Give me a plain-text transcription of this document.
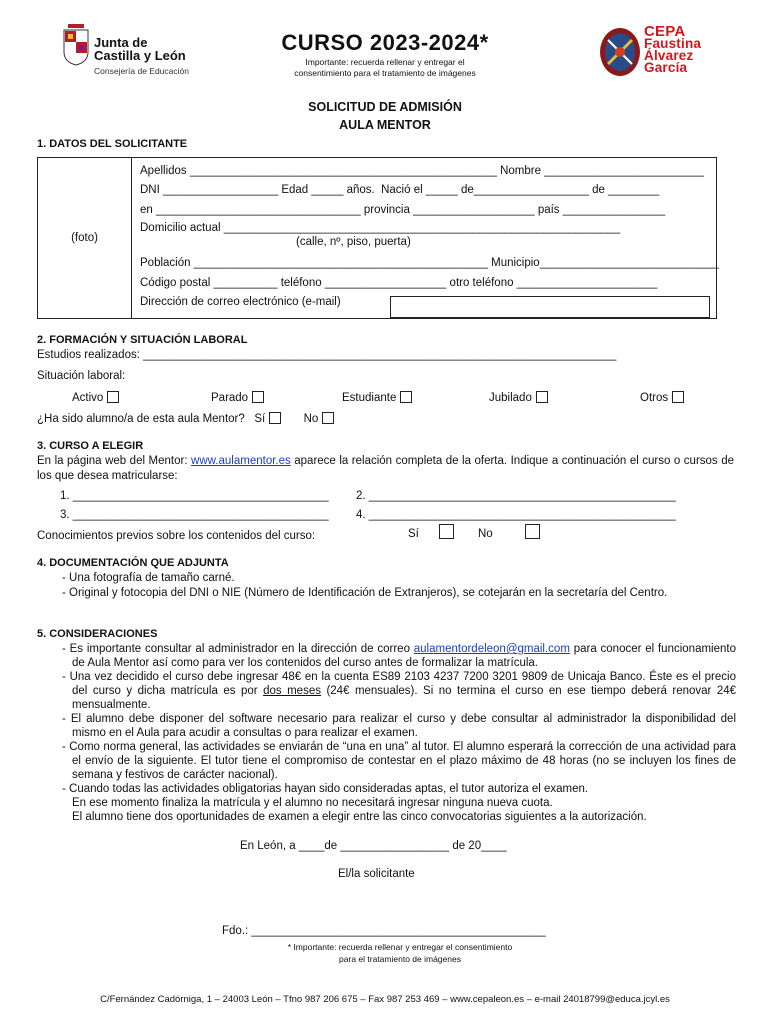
Junta de
Castilla y León
Consejería de Educación
CURSO 2023-2024*
Importante: recuerda rellenar y entregar el
consentimiento para el tratamiento de imágenes
CEPA
Faustina
Álvarez
García
SOLICITUD DE ADMISIÓN
AULA MENTOR
1. DATOS DEL SOLICITANTE
(foto)
Apellidos ________________________________________________ Nombre _________________________
DNI __________________ Edad _____ años. Nació el _____ de__________________ de ________
en ________________________________ provincia ___________________ país ________________
Domicilio actual ______________________________________________________________
(calle, nº, piso, puerta)
Población ______________________________________________ Municipio____________________________
Código postal __________ teléfono ___________________ otro teléfono ______________________
Dirección de correo electrónico (e-mail)
2. FORMACIÓN Y SITUACIÓN LABORAL
Estudios realizados: __________________________________________________________________________
Situación laboral:
Activo	Parado	Estudiante	Jubilado	Otros
¿Ha sido alumno/a de esta aula Mentor? Sí	No
3. CURSO A ELEGIR
En la página web del Mentor: www.aulamentor.es aparece la relación completa de la oferta. Indique a continuación el curso o cursos de los que desea matricularse:
1. ________________________________________ 2. ________________________________________________
3. ________________________________________ 4. ________________________________________________
Conocimientos previos sobre los contenidos del curso:	Sí	No
4. DOCUMENTACIÓN QUE ADJUNTA
- Una fotografía de tamaño carné.
- Original y fotocopia del DNI o NIE (Número de Identificación de Extranjeros), se cotejarán en la secretaría del Centro.
5. CONSIDERACIONES
- Es importante consultar al administrador en la dirección de correo aulamentordeleon@gmail.com para conocer el funcionamiento de Aula Mentor así como para ver los contenidos del curso antes de formalizar la matrícula.
- Una vez decidido el curso debe ingresar 48€ en la cuenta ES89 2103 4237 7200 3201 9809 de Unicaja Banco. Éste es el precio del curso y dicha matrícula es por dos meses (24€ mensuales). Si no termina el curso en ese tiempo deberá renovar 24€ mensualmente.
- El alumno debe disponer del software necesario para realizar el curso y debe consultar al administrador la disponibilidad del mismo en el Aula para acudir a consultas o para realizar el examen.
- Como norma general, las actividades se enviarán de “una en una” al tutor. El alumno esperará la corrección de una actividad para el envío de la siguiente. El tutor tiene el compromiso de contestar en el plazo máximo de 48 horas (no se incluyen los fines de semana y festivos de carácter nacional).
- Cuando todas las actividades obligatorias hayan sido consideradas aptas, el tutor autoriza el examen.
En ese momento finaliza la matrícula y el alumno no necesitará ingresar ninguna nueva cuota.
El alumno tiene dos oportunidades de examen a elegir entre las cinco convocatorias siguientes a la autorización.
En León, a ____de _________________ de 20____
El/la solicitante
Fdo.: ______________________________________________
* Importante: recuerda rellenar y entregar el consentimiento
para el tratamiento de imágenes
C/Fernández Cadórniga, 1 – 24003 León – Tfno 987 206 675 – Fax 987 253 469 – www.cepaleon.es – e-mail 24018799@educa.jcyl.es
